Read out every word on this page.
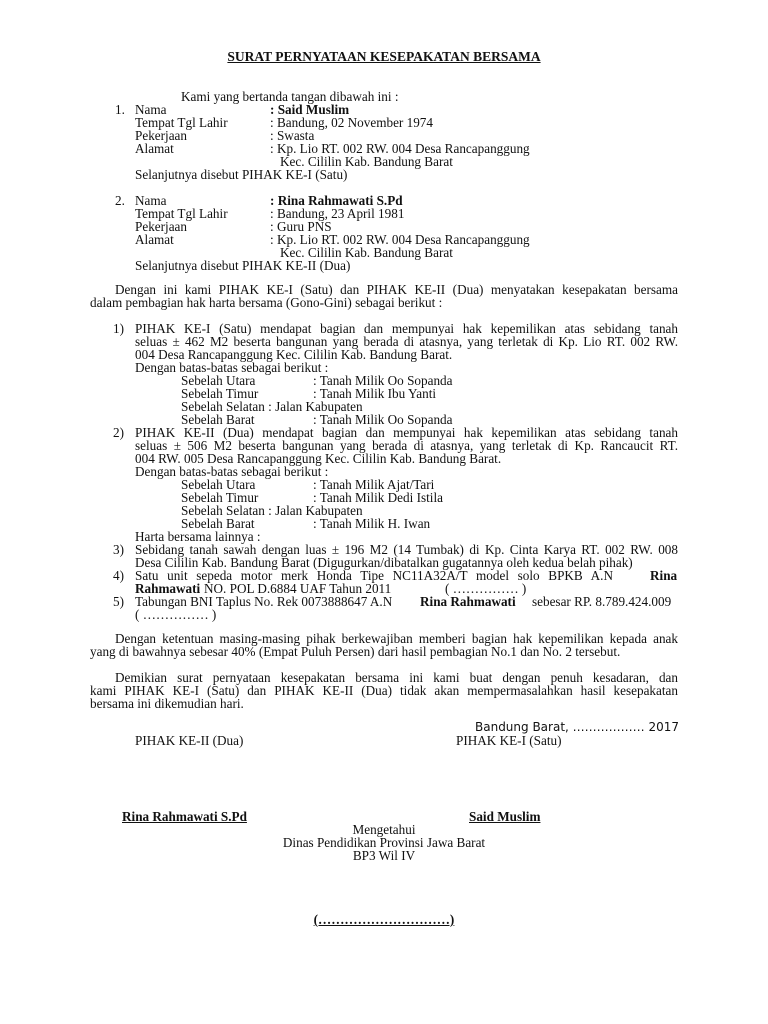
SURAT PERNYATAAN KESEPAKATAN BERSAMA
Kami yang bertanda tangan dibawah ini :
1. Nama	: Said Muslim
Tempat Tgl Lahir	: Bandung, 02 November 1974
Pekerjaan	: Swasta
Alamat	: Kp. Lio RT. 002 RW. 004 Desa Rancapanggung
Kec. Cililin Kab. Bandung Barat
Selanjutnya disebut PIHAK KE-I (Satu)
2. Nama	: Rina Rahmawati S.Pd
Tempat Tgl Lahir	: Bandung, 23 April 1981
Pekerjaan	: Guru PNS
Alamat	: Kp. Lio RT. 002 RW. 004 Desa Rancapanggung
Kec. Cililin Kab. Bandung Barat
Selanjutnya disebut PIHAK KE-II (Dua)
Dengan ini kami PIHAK KE-I (Satu) dan PIHAK KE-II (Dua) menyatakan kesepakatan bersama
dalam pembagian hak harta bersama (Gono-Gini) sebagai berikut :
1) PIHAK KE-I (Satu) mendapat bagian dan mempunyai hak kepemilikan atas sebidang tanah
seluas ± 462 M2 beserta bangunan yang berada di atasnya, yang terletak di Kp. Lio RT. 002 RW.
004 Desa Rancapanggung Kec. Cililin Kab. Bandung Barat.
Dengan batas-batas sebagai berikut :
Sebelah Utara	: Tanah Milik Oo Sopanda
Sebelah Timur	: Tanah Milik Ibu Yanti
Sebelah Selatan : Jalan Kabupaten
Sebelah Barat	: Tanah Milik Oo Sopanda
2) PIHAK KE-II (Dua) mendapat bagian dan mempunyai hak kepemilikan atas sebidang tanah
seluas ± 506 M2 beserta bangunan yang berada di atasnya, yang terletak di Kp. Rancaucit RT.
004 RW. 005 Desa Rancapanggung Kec. Cililin Kab. Bandung Barat.
Dengan batas-batas sebagai berikut :
Sebelah Utara	: Tanah Milik Ajat/Tari
Sebelah Timur	: Tanah Milik Dedi Istila
Sebelah Selatan : Jalan Kabupaten
Sebelah Barat	: Tanah Milik H. Iwan
Harta bersama lainnya :
3) Sebidang tanah sawah dengan luas ± 196 M2 (14 Tumbak) di Kp. Cinta Karya RT. 002 RW. 008
Desa Cililin Kab. Bandung Barat (Digugurkan/dibatalkan gugatannya oleh kedua belah pihak)
4) Satu unit sepeda motor merk Honda Tipe NC11A32A/T model solo BPKB A.N	Rina
Rahmawati NO. POL D.6884 UAF Tahun 2011	( …………… )
5) Tabungan BNI Taplus No. Rek 0073888647 A.N Rina Rahmawati sebesar RP. 8.789.424.009
( …………… )
Dengan ketentuan masing-masing pihak berkewajiban memberi bagian hak kepemilikan kepada anak
yang di bawahnya sebesar 40% (Empat Puluh Persen) dari hasil pembagian No.1 dan No. 2 tersebut.
Demikian surat pernyataan kesepakatan bersama ini kami buat dengan penuh kesadaran, dan
kami PIHAK KE-I (Satu) dan PIHAK KE-II (Dua) tidak akan mempermasalahkan hasil kesepakatan
bersama ini dikemudian hari.
Bandung Barat, ……………… 2017
PIHAK KE-II (Dua)	PIHAK KE-I (Satu)
Rina Rahmawati S.Pd	Said Muslim
Mengetahui
Dinas Pendidikan Provinsi Jawa Barat
BP3 Wil IV
(…………………………)
